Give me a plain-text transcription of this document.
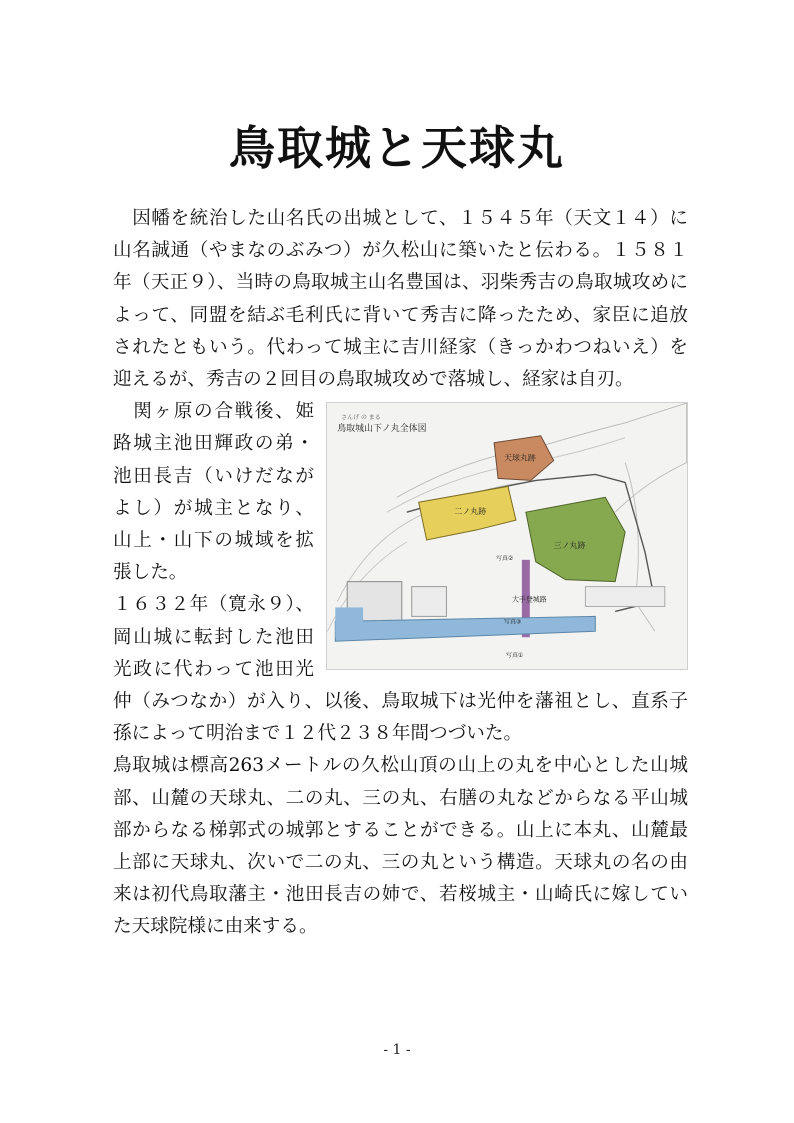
鳥取城と天球丸

　因幡を統治した山名氏の出城として、１５４５年（天文１４）に山名誠通（やまなのぶみつ）が久松山に築いたと伝わる。１５８１年（天正９）、当時の鳥取城主山名豊国は、羽柴秀吉の鳥取城攻めによって、同盟を結ぶ毛利氏に背いて秀吉に降ったため、家臣に追放されたともいう。代わって城主に吉川経家（きっかわつねいえ）を迎えるが、秀吉の２回目の鳥取城攻めで落城し、経家は自刃。

さんげ の まる
鳥取城山下ノ丸全体図
天球丸跡
二ノ丸跡
三ノ丸跡
大手登城路
写真②
写真③
写真①

　関ヶ原の合戦後、姫路城主池田輝政の弟・池田長吉（いけだながよし）が城主となり、山上・山下の城域を拡張した。

１６３２年（寛永９）、岡山城に転封した池田光政に代わって池田光仲（みつなか）が入り、以後、鳥取城下は光仲を藩祖とし、直系子孫によって明治まで１２代２３８年間つづいた。

鳥取城は標高263メートルの久松山頂の山上の丸を中心とした山城部、山麓の天球丸、二の丸、三の丸、右膳の丸などからなる平山城部からなる梯郭式の城郭とすることができる。山上に本丸、山麓最上部に天球丸、次いで二の丸、三の丸という構造。天球丸の名の由来は初代鳥取藩主・池田長吉の姉で、若桜城主・山崎氏に嫁していた天球院様に由来する。

- 1 -
